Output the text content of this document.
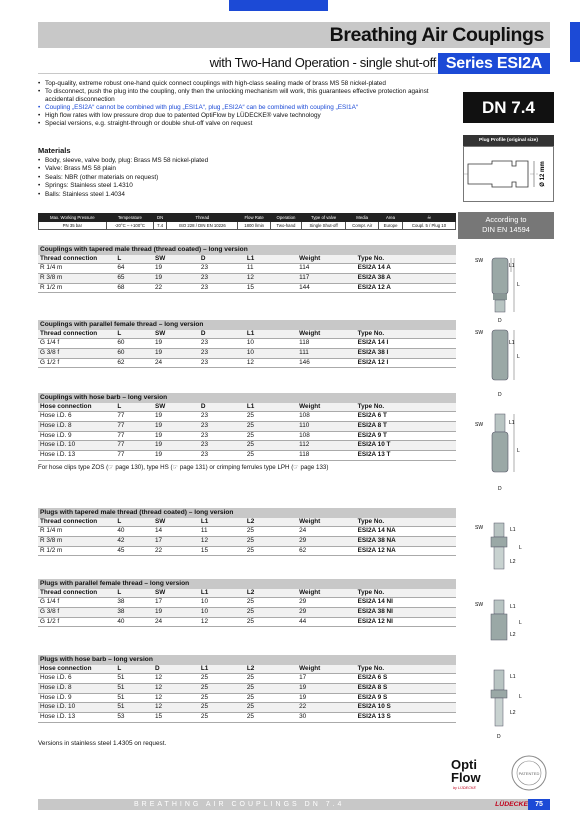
Breathing Air Couplings
with Two-Hand Operation - single shut-off Series ESI2A
• Top-quality, extreme robust one-hand quick connect couplings with high-class sealing made of brass MS 58 nickel-plated
• To disconnect, push the plug into the coupling, only then the unlocking mechanism will work, this guarantees effective protection against accidental disconnection
• Coupling „ESI2A“ cannot be combined with plug „ESI1A“, plug „ESI2A“ can be combined with coupling „ESI1A“
• High flow rates with low pressure drop due to patented OptiFlow by LÜDECKE® valve technology
• Special versions, e.g. straight-through or double shut-off valve on request
Materials
• Body, sleeve, valve body, plug: Brass MS 58 nickel-plated
• Valve: Brass MS 58 plain
• Seals: NBR (other materials on request)
• Springs: Stainless steel 1.4310
• Balls: Stainless steel 1.4034
DN 7.4
Plug Profile (original size)
Ø 12 mm
According to
DIN EN 14594
Max. Working Pressure	Temperature	DN	Thread	Flow Rate	Operation	Type of valve	Media	Area	☠
PN 35 bar	-20°C – +100°C	7.4	ISO 228 / DIN EN 10226	1800 l/min	Two-hand	Single Shut-off	Compr. Air	Europe	Coupl. 5 / Plug 10
Couplings with tapered male thread (thread coated) – long version
Thread connection	L	SW	D	L1	Weight	Type No.
R 1/4 m	64	19	23	11	114	ESI2A 14 A
R 3/8 m	65	19	23	12	117	ESI2A 38 A
R 1/2 m	68	22	23	15	144	ESI2A 12 A
Couplings with parallel female thread – long version
Thread connection	L	SW	D	L1	Weight	Type No.
G 1/4 f	60	19	23	10	118	ESI2A 14 I
G 3/8 f	60	19	23	10	111	ESI2A 38 I
G 1/2 f	62	24	23	12	146	ESI2A 12 I
Couplings with hose barb – long version
Hose connection	L	SW	D	L1	Weight	Type No.
Hose i.D. 6	77	19	23	25	108	ESI2A 6 T
Hose i.D. 8	77	19	23	25	110	ESI2A 8 T
Hose i.D. 9	77	19	23	25	108	ESI2A 9 T
Hose i.D. 10	77	19	23	25	112	ESI2A 10 T
Hose i.D. 13	77	19	23	25	118	ESI2A 13 T
For hose clips type ZOS (☞ page 130), type HS (☞ page 131) or crimping ferrules type LPH (☞ page 133)
Plugs with tapered male thread (thread coated) – long version
Thread connection	L	SW	L1	L2	Weight	Type No.
R 1/4 m	40	14	11	25	24	ESI2A 14 NA
R 3/8 m	42	17	12	25	29	ESI2A 38 NA
R 1/2 m	45	22	15	25	62	ESI2A 12 NA
Plugs with parallel female thread – long version
Thread connection	L	SW	L1	L2	Weight	Type No.
G 1/4 f	38	17	10	25	29	ESI2A 14 NI
G 3/8 f	38	19	10	25	29	ESI2A 38 NI
G 1/2 f	40	24	12	25	44	ESI2A 12 NI
Plugs with hose barb – long version
Hose connection	L	D	L1	L2	Weight	Type No.
Hose i.D. 6	51	12	25	25	17	ESI2A 6 S
Hose i.D. 8	51	12	25	25	19	ESI2A 8 S
Hose i.D. 9	51	12	25	25	19	ESI2A 9 S
Hose i.D. 10	51	12	25	25	22	ESI2A 10 S
Hose i.D. 13	53	15	25	25	30	ESI2A 13 S
Versions in stainless steel 1.4305 on request.
SW
L1
L
D
SW
L1
L
D
SW	L1
L
D
SW	L1
L
L2
SW	L1
L
L2
L1
L
L2
D
Opti
Flow
by LÜDECKE
PATENTED
BREATHING AIR COUPLINGS DN 7.4	LÜDECKE	75
